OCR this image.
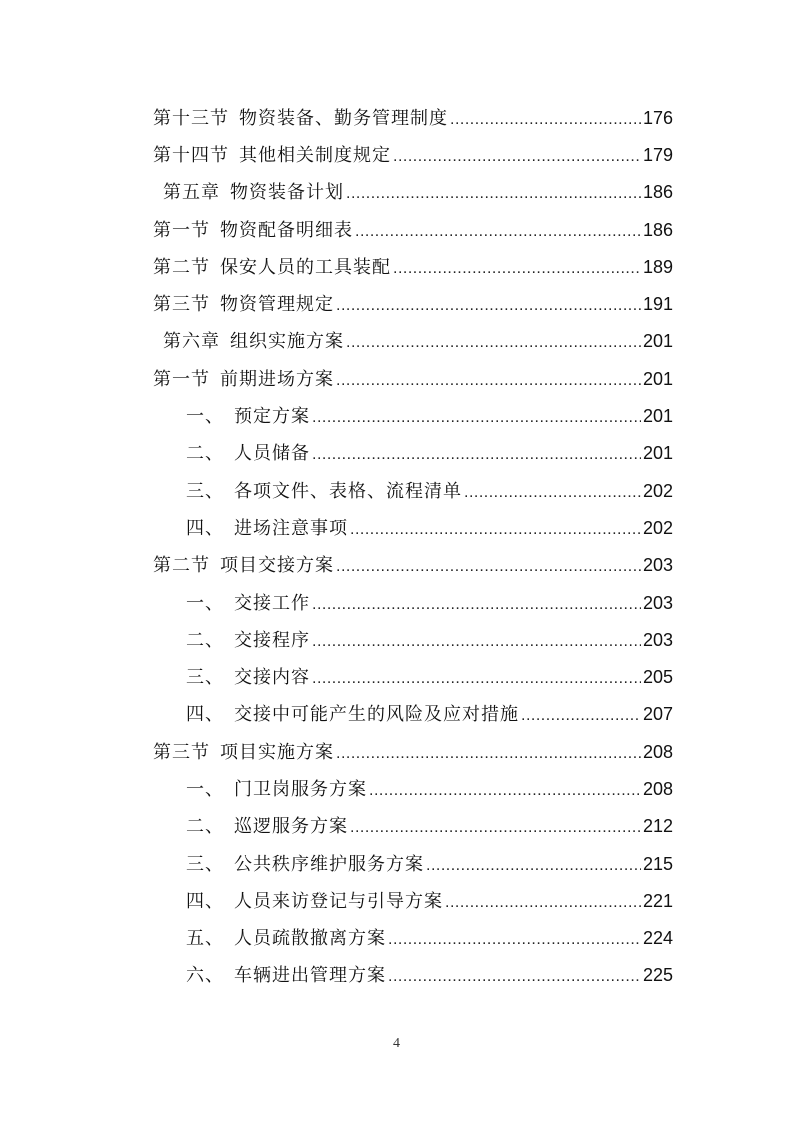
第十三节 物资装备、勤务管理制度 .....	176
第十四节 其他相关制度规定 .....	179
第五章 物资装备计划 .....	186
第一节 物资配备明细表 .....	186
第二节 保安人员的工具装配 .....	189
第三节 物资管理规定 .....	191
第六章 组织实施方案 .....	201
第一节 前期进场方案 .....	201
一、 预定方案 .....	201
二、 人员储备 .....	201
三、 各项文件、表格、流程清单 .....	202
四、 进场注意事项 .....	202
第二节 项目交接方案 .....	203
一、 交接工作 .....	203
二、 交接程序 .....	203
三、 交接内容 .....	205
四、 交接中可能产生的风险及应对措施 .....	207
第三节 项目实施方案 .....	208
一、 门卫岗服务方案 .....	208
二、 巡逻服务方案 .....	212
三、 公共秩序维护服务方案 .....	215
四、 人员来访登记与引导方案 .....	221
五、 人员疏散撤离方案 .....	224
六、 车辆进出管理方案 .....	225
4
